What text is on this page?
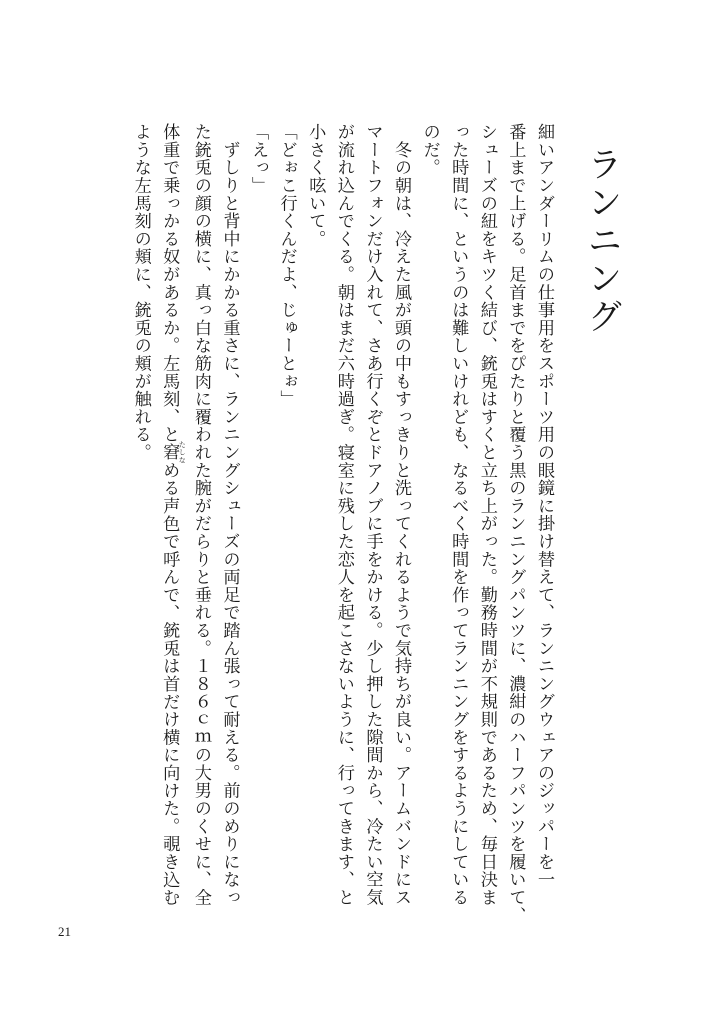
ランニング

細いアンダーリムの仕事用をスポーツ用の眼鏡に掛け替えて、ランニングウェアのジッパーを一

番上まで上げる。足首までをぴたりと覆う黒のランニングパンツに、濃紺のハーフパンツを履いて、

シューズの紐をキツく結び、銃兎はすくと立ち上がった。勤務時間が不規則であるため、毎日決ま

った時間に、というのは難しいけれども、なるべく時間を作ってランニングをするようにしている

のだ。

　冬の朝は、冷えた風が頭の中もすっきりと洗ってくれるようで気持ちが良い。アームバンドにス

マートフォンだけ入れて、さあ行くぞとドアノブに手をかける。少し押した隙間から、冷たい空気

が流れ込んでくる。朝はまだ六時過ぎ。寝室に残した恋人を起こさないように、行ってきます、と

小さく呟いて。

「どぉこ行くんだよ、じゅーとぉ」

「えっ」

　ずしりと背中にかかる重さに、ランニングシューズの両足で踏ん張って耐える。前のめりになっ

た銃兎の顔の横に、真っ白な筋肉に覆われた腕がだらりと垂れる。１８６ｃｍの大男のくせに、全

体重で乗っかる奴があるか。左馬刻、と窘 たしなめる声色で呼んで、銃兎は首だけ横に向けた。覗き込む

ような左馬刻の頬に、銃兎の頬が触れる。

21
